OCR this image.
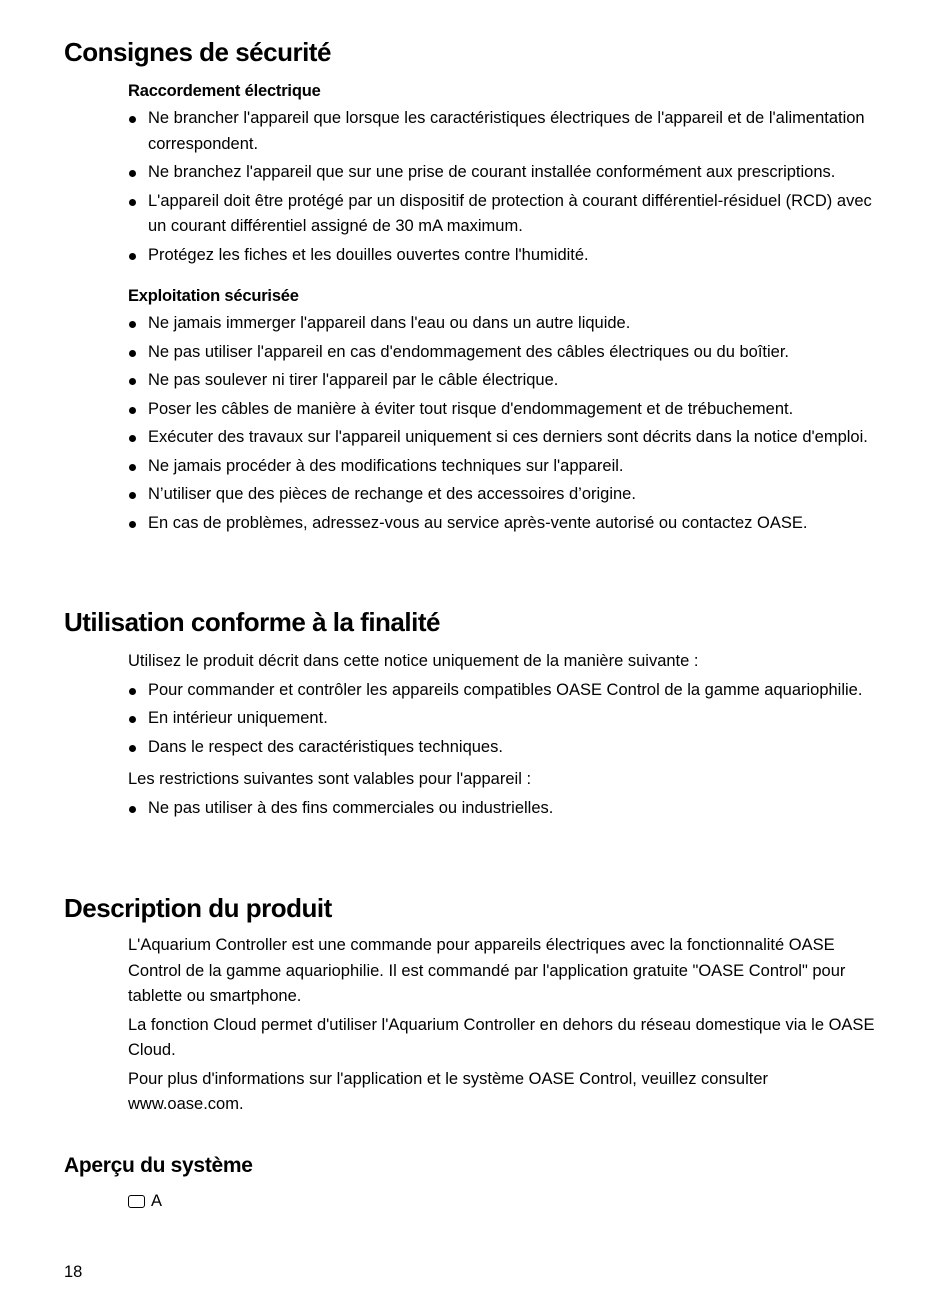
Consignes de sécurité

Raccordement électrique

Ne brancher l'appareil que lorsque les caractéristiques électriques de l'appareil et de l'alimentation correspondent.
Ne branchez l'appareil que sur une prise de courant installée conformément aux prescriptions.
L'appareil doit être protégé par un dispositif de protection à courant différentiel-résiduel (RCD) avec un courant différentiel assigné de 30 mA maximum.
Protégez les fiches et les douilles ouvertes contre l'humidité.

Exploitation sécurisée

Ne jamais immerger l'appareil dans l'eau ou dans un autre liquide.
Ne pas utiliser l'appareil en cas d'endommagement des câbles électriques ou du boîtier.
Ne pas soulever ni tirer l'appareil par le câble électrique.
Poser les câbles de manière à éviter tout risque d'endommagement et de trébuchement.
Exécuter des travaux sur l'appareil uniquement si ces derniers sont décrits dans la notice d'emploi.
Ne jamais procéder à des modifications techniques sur l'appareil.
N’utiliser que des pièces de rechange et des accessoires d’origine.
En cas de problèmes, adressez-vous au service après-vente autorisé ou contactez OASE.
Utilisation conforme à la finalité

Utilisez le produit décrit dans cette notice uniquement de la manière suivante :

Pour commander et contrôler les appareils compatibles OASE Control de la gamme aquariophilie.
En intérieur uniquement.
Dans le respect des caractéristiques techniques.

Les restrictions suivantes sont valables pour l'appareil :

Ne pas utiliser à des fins commerciales ou industrielles.
Description du produit

L'Aquarium Controller est une commande pour appareils électriques avec la fonctionnalité OASE Control de la gamme aquariophilie. Il est commandé par l'application gratuite "OASE Control" pour tablette ou smartphone.

La fonction Cloud permet d'utiliser l'Aquarium Controller en dehors du réseau domestique via le OASE Cloud.

Pour plus d'informations sur l'application et le système OASE Control, veuillez consulter www.oase.com.

Aperçu du système
A
18
